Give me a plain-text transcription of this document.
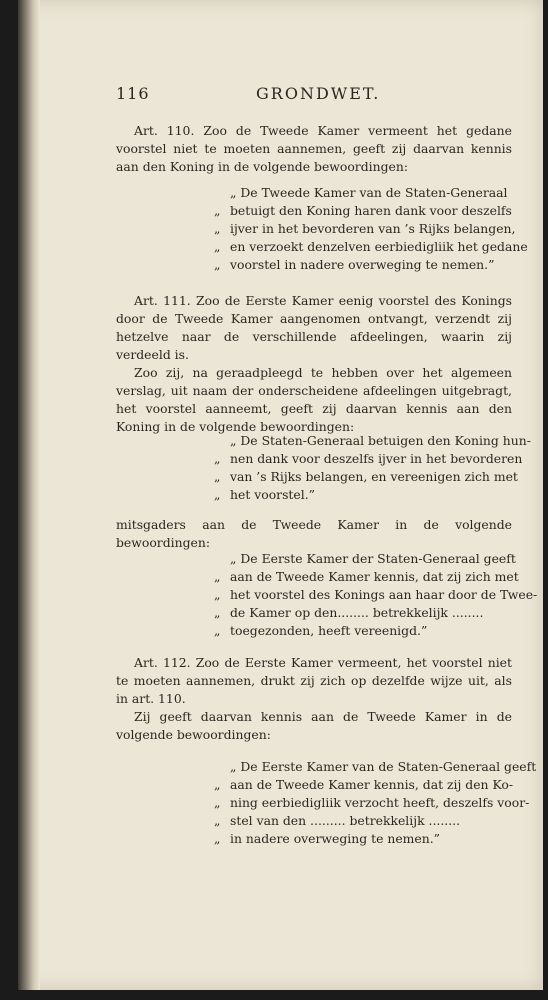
116	GRONDWET.

Art. 110. Zoo de Tweede Kamer vermeent het gedane voorstel niet te moeten aannemen, geeft zij daarvan kennis aan den Koning in de volgende bewoordingen:

„ De Tweede Kamer van de Staten-Generaal
„ betuigt den Koning haren dank voor deszelfs
„ ijver in het bevorderen van ’s Rijks belangen,
„ en verzoekt denzelven eerbiedigliik het gedane
„ voorstel in nadere overweging te nemen.”

Art. 111. Zoo de Eerste Kamer eenig voorstel des Konings door de Tweede Kamer aangenomen ontvangt, verzendt zij hetzelve naar de verschillende afdeelingen, waarin zij verdeeld is.

Zoo zij, na geraadpleegd te hebben over het algemeen verslag, uit naam der onderscheidene afdeelingen uitgebragt, het voorstel aanneemt, geeft zij daarvan kennis aan den Koning in de volgende bewoordingen:

„ De Staten-Generaal betuigen den Koning hun-
„ nen dank voor deszelfs ijver in het bevorderen
„ van ’s Rijks belangen, en vereenigen zich met
„ het voorstel.”

mitsgaders aan de Tweede Kamer in de volgende bewoordingen:

„ De Eerste Kamer der Staten-Generaal geeft
„ aan de Tweede Kamer kennis, dat zij zich met
„ het voorstel des Konings aan haar door de Twee-
„ de Kamer op den........ betrekkelijk ........
„ toegezonden, heeft vereenigd.”

Art. 112. Zoo de Eerste Kamer vermeent, het voorstel niet te moeten aannemen, drukt zij zich op dezelfde wijze uit, als in art. 110.

Zij geeft daarvan kennis aan de Tweede Kamer in de volgende bewoordingen:

„ De Eerste Kamer van de Staten-Generaal geeft
„ aan de Tweede Kamer kennis, dat zij den Ko-
„ ning eerbiedigliik verzocht heeft, deszelfs voor-
„ stel van den ......... betrekkelijk ........
„ in nadere overweging te nemen.”
